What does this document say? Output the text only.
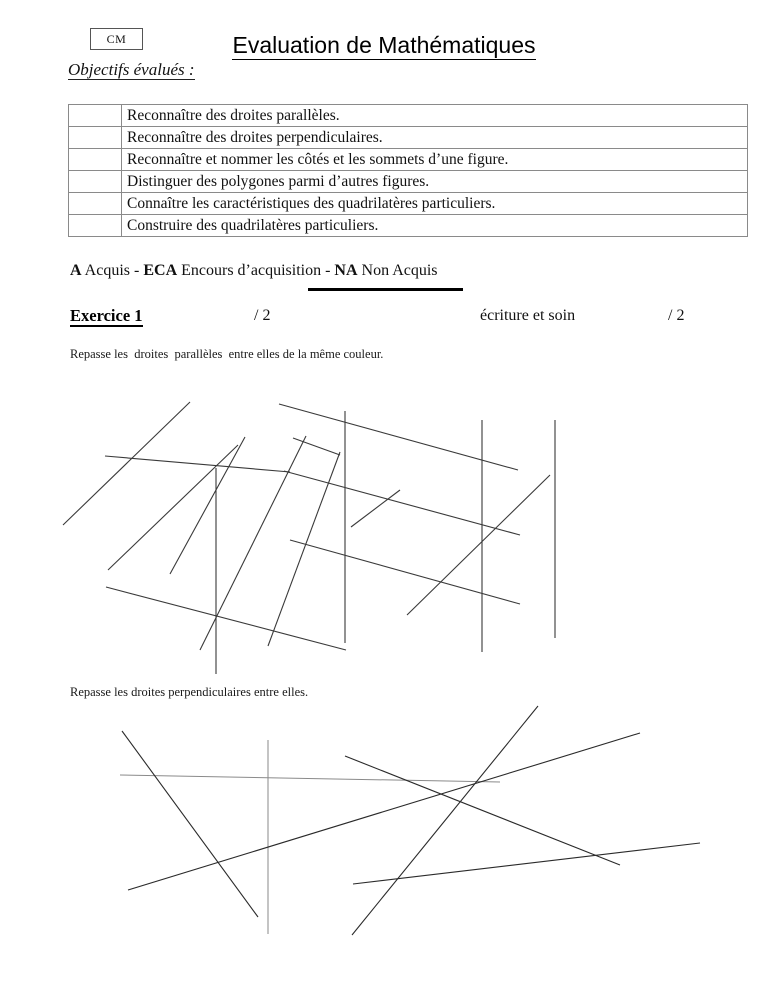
CM	Evaluation de Mathématiques
Objectifs évalués :
	Reconnaître des droites parallèles.
	Reconnaître des droites perpendiculaires.
	Reconnaître et nommer les côtés et les sommets d’une figure.
	Distinguer des polygones parmi d’autres figures.
	Connaître les caractéristiques des quadrilatères particuliers.
	Construire des quadrilatères particuliers.
A Acquis - ECA Encours d’acquisition - NA Non Acquis
Exercice 1	/ 2	écriture et soin	/ 2
Repasse les  droites  parallèles  entre elles de la même couleur.
Repasse les droites perpendiculaires entre elles.
